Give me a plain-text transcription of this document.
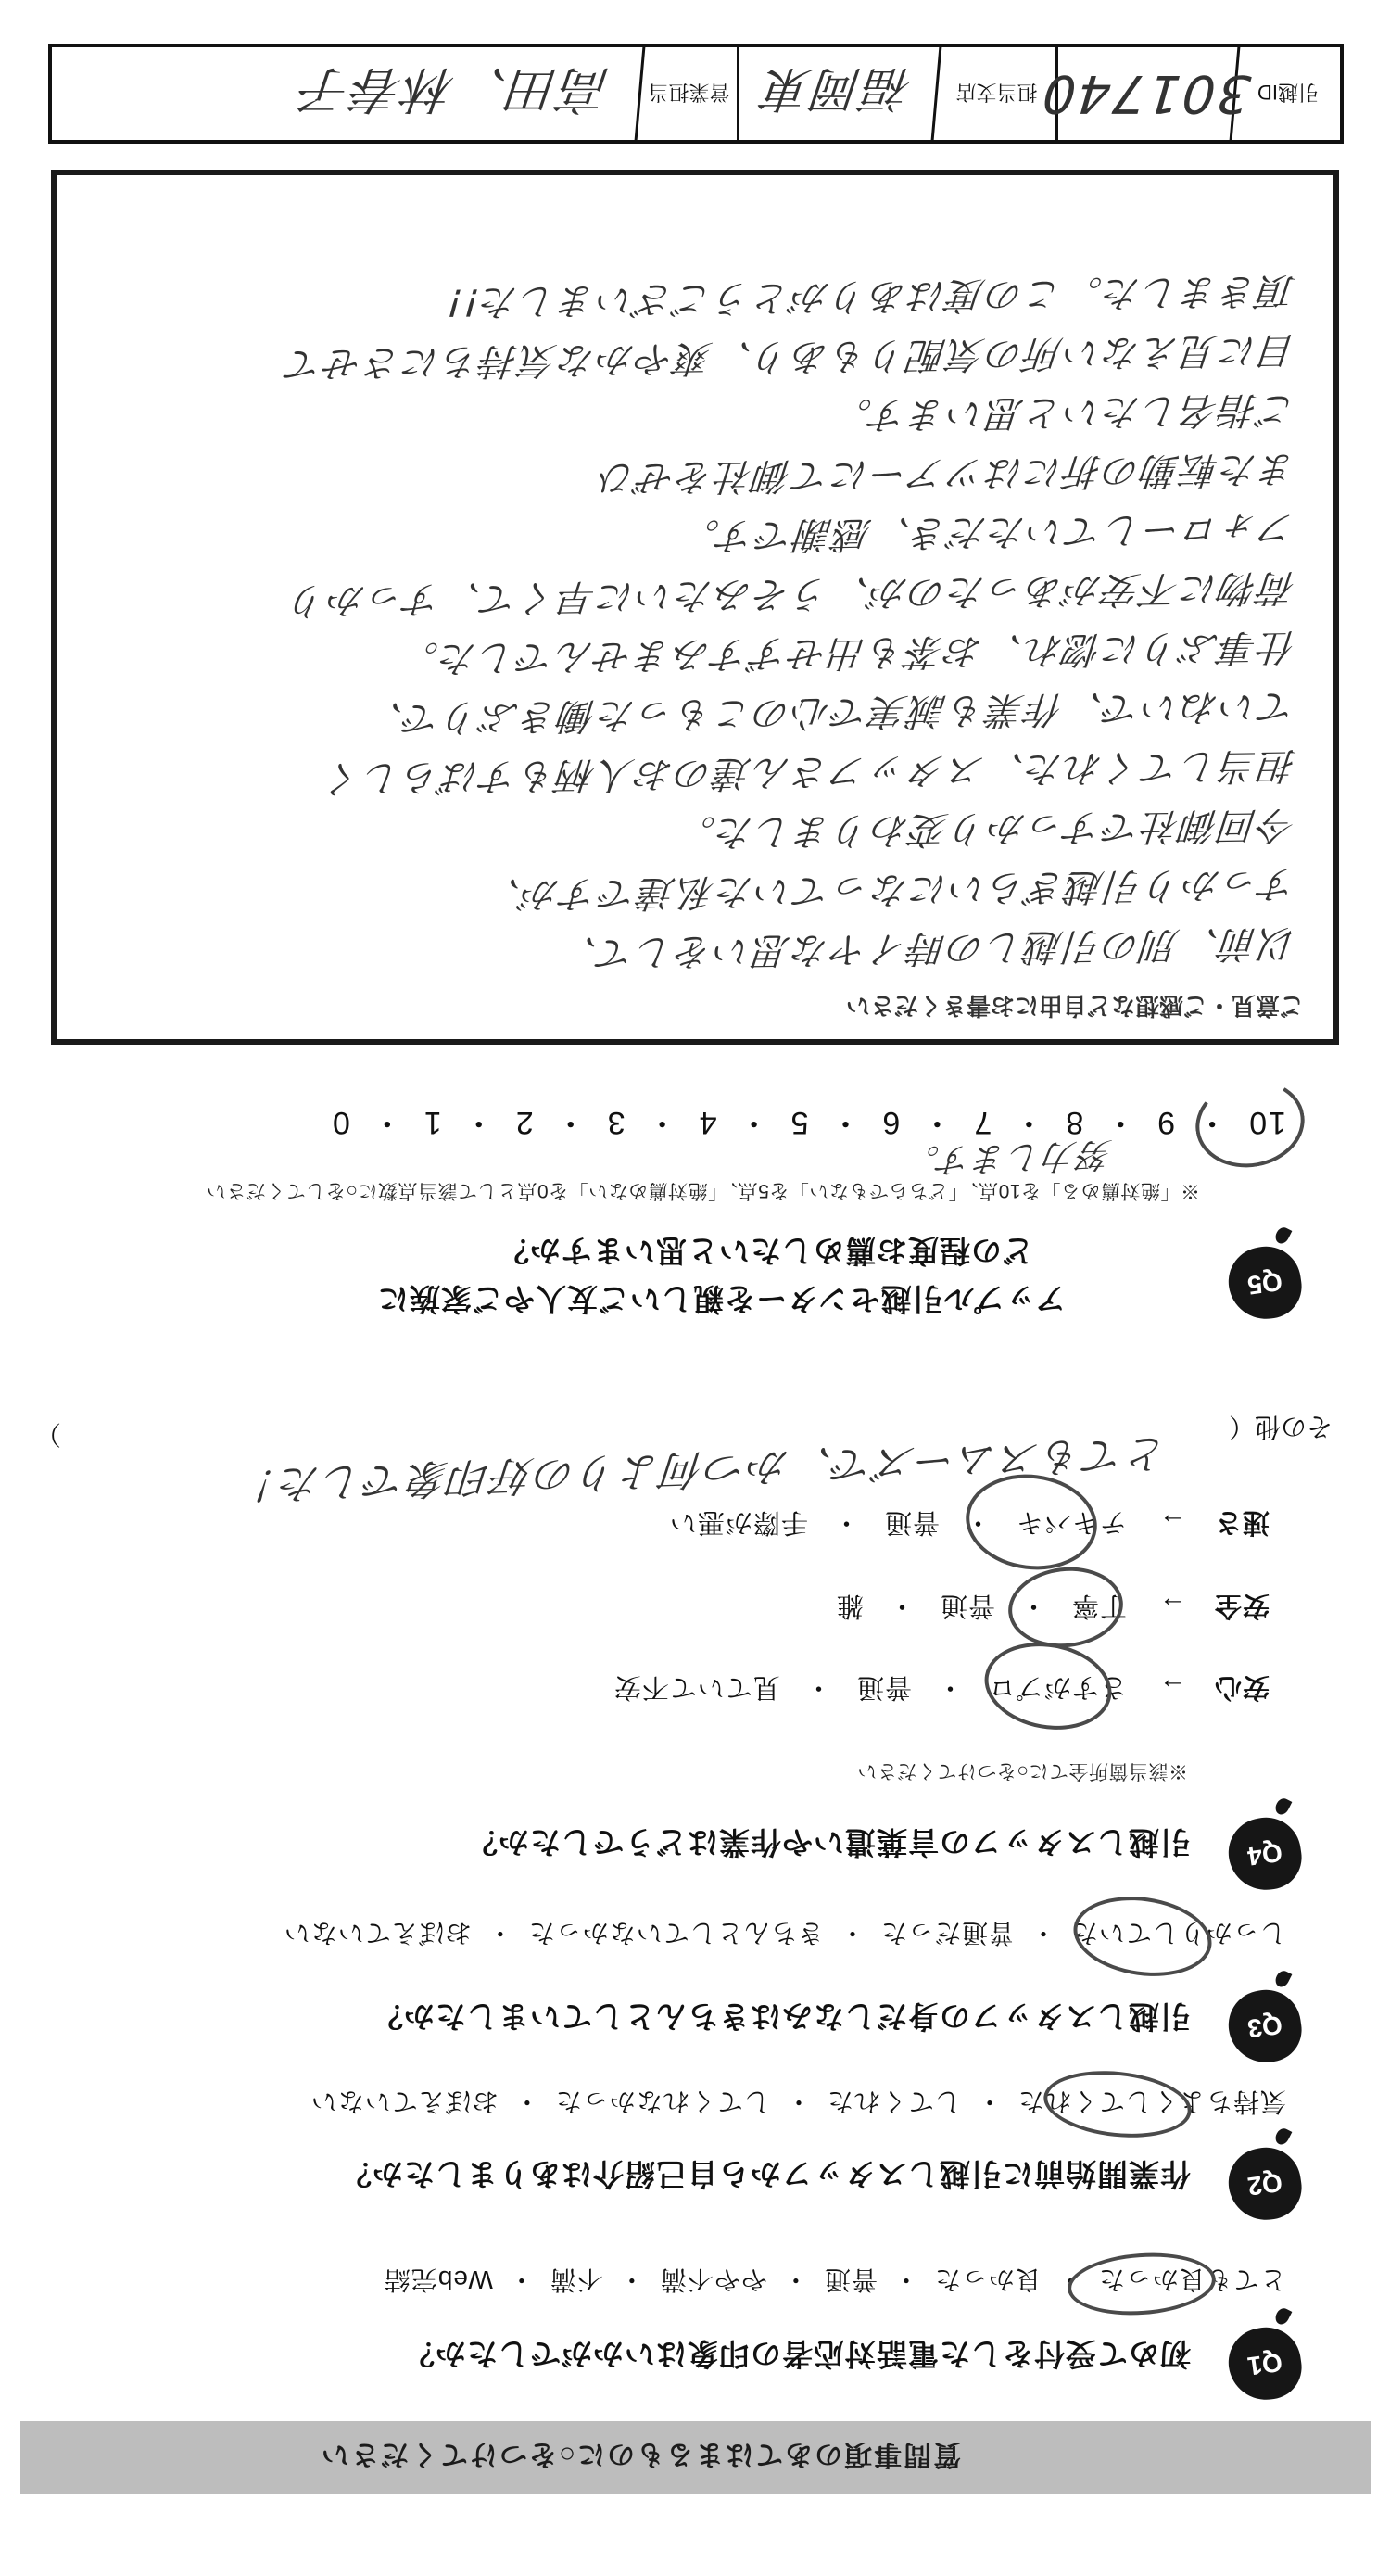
質問事項のあてはまるものに○をつけてください
Q1
初めて受付をした電話対応者の印象はいかがでしたか？
とても良かった ・良かった ・普通 ・やや不満 ・不満 ・Web完結
Q2
作業開始前に引越しスタッフから自己紹介はありましたか？
気持ちよくしてくれた ・してくれた ・してくれなかった ・おぼえていない
Q3
引越しスタッフの身だしなみはきちんとしていましたか？
しっかりしていた ・普通だった ・きちんとしていなかった ・おぼえていない
Q4
引越しスタッフの言葉遣いや作業はどうでしたか？
※該当箇所全てに○をつけてください
安心 →さすがプロ ・普通 ・見ていて不安
安全 →丁寧 ・普通 ・雑
速さ →テキパキ ・普通 ・手際が悪い
その他（
とてもスムーズで、かつ何よりの好印象でした！
）
Q5
アップル引越センターを親しいご友人やご家族に
どの程度お薦めしたいと思いますか？
※「絶対薦める」を10点、「どちらでもない」を5点、「絶対薦めない」を0点として該当点数に○をしてください
努力します。
10 ・9 ・8 ・7 ・6 ・5 ・4 ・3 ・2 ・1 ・0
ご意見・ご感想など自由にお書きください
以前、別の引越しの時イヤな思いをして、
すっかり引越ぎらいになっていた私達ですが、
今回御社ですっかり変わりました。
担当してくれた、スタッフさん達のお人柄もすばらしく
ていねいで、作業も誠実で心のこもった働きぶりで、
仕事ぶりに惚れ、お茶も出せずすみませんでした。
荷物に不安があったのが、うそみたいに早くて、すっかり
フォローしていただき、感謝です。
また転勤の折にはツアーにて御社をぜひ
ご指名したいと思います。
目に見えない所の気配りもあり、爽やかな気持ちにさせて
頂きました。この度はありがとうございました!!
引越ID
301740
担当支店
福岡東
営業担当
高田、林春子
